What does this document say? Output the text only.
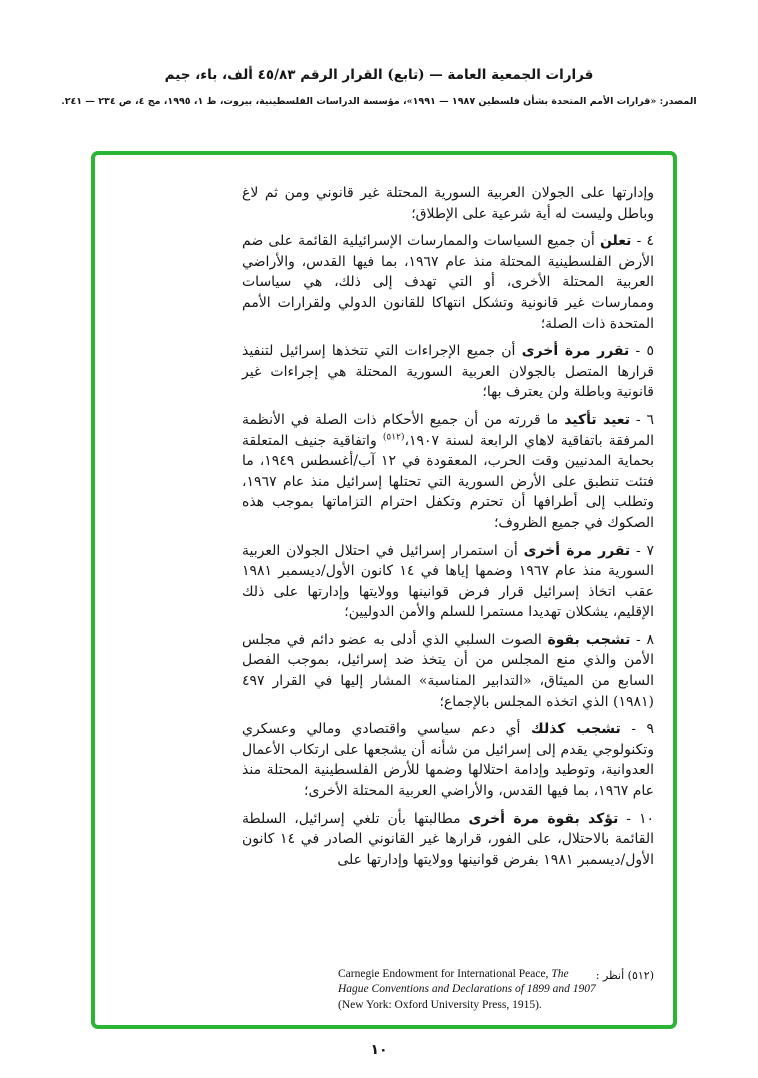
قرارات الجمعية العامة — (تابع) القرار الرقم ٤٥/٨٣ ألف، باء، جيم
المصدر: «قرارات الأمم المتحدة بشأن فلسطين ١٩٨٧ — ١٩٩١»، مؤسسة الدراسات الفلسطينية، بيروت، ط ١، ١٩٩٥، مج ٤، ص ٢٣٤ — ٢٤١.

وإدارتها على الجولان العربية السورية المحتلة غير قانوني ومن ثم لاغ وباطل وليست له أية شرعية على الإطلاق؛

٤ - تعلن أن جميع السياسات والممارسات الإسرائيلية القائمة على ضم الأرض الفلسطينية المحتلة منذ عام ١٩٦٧، بما فيها القدس، والأراضي العربية المحتلة الأخرى، أو التي تهدف إلى ذلك، هي سياسات وممارسات غير قانونية وتشكل انتهاكا للقانون الدولي ولقرارات الأمم المتحدة ذات الصلة؛

٥ - تقرر مرة أخرى أن جميع الإجراءات التي تتخذها إسرائيل لتنفيذ قرارها المتصل بالجولان العربية السورية المحتلة هي إجراءات غير قانونية وباطلة ولن يعترف بها؛

٦ - تعيد تأكيد ما قررته من أن جميع الأحكام ذات الصلة في الأنظمة المرفقة باتفاقية لاهاي الرابعة لسنة ١٩٠٧،$^{(٥١٢)}$ واتفاقية جنيف المتعلقة بحماية المدنيين وقت الحرب، المعقودة في ١٢ آب/أغسطس ١٩٤٩، ما فتئت تنطبق على الأرض السورية التي تحتلها إسرائيل منذ عام ١٩٦٧، وتطلب إلى أطرافها أن تحترم وتكفل احترام التزاماتها بموجب هذه الصكوك في جميع الظروف؛

٧ - تقرر مرة أخرى أن استمرار إسرائيل في احتلال الجولان العربية السورية منذ عام ١٩٦٧ وضمها إياها في ١٤ كانون الأول/ديسمبر ١٩٨١ عقب اتخاذ إسرائيل قرار فرض قوانينها وولايتها وإدارتها على ذلك الإقليم، يشكلان تهديدا مستمرا للسلم والأمن الدوليين؛

٨ - تشجب بقوة الصوت السلبي الذي أدلى به عضو دائم في مجلس الأمن والذي منع المجلس من أن يتخذ ضد إسرائيل، بموجب الفصل السابع من الميثاق، «التدابير المناسبة» المشار إليها في القرار ٤٩٧ (١٩٨١) الذي اتخذه المجلس بالإجماع؛

٩ - تشجب كذلك أي دعم سياسي واقتصادي ومالي وعسكري وتكنولوجي يقدم إلى إسرائيل من شأنه أن يشجعها على ارتكاب الأعمال العدوانية، وتوطيد وإدامة احتلالها وضمها للأرض الفلسطينية المحتلة منذ عام ١٩٦٧، بما فيها القدس، والأراضي العربية المحتلة الأخرى؛

١٠ - تؤكد بقوة مرة أخرى مطالبتها بأن تلغي إسرائيل، السلطة القائمة بالاحتلال، على الفور، قرارها غير القانوني الصادر في ١٤ كانون الأول/ديسمبر ١٩٨١ بفرض قوانينها وولايتها وإدارتها على

(٥١٢) أنظر :
Carnegie Endowment for International Peace, The
Hague Conventions and Declarations of 1899 and 1907
(New York: Oxford University Press, 1915).
١٠
